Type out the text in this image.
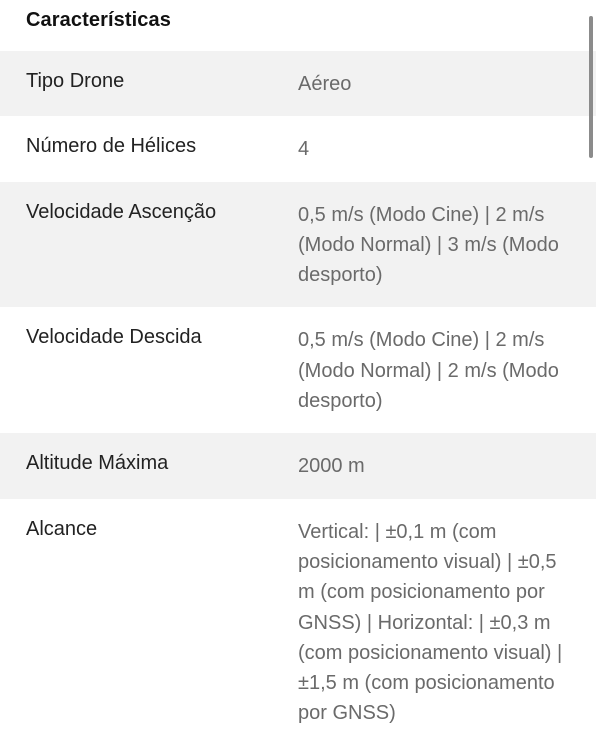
Características
Tipo Drone	Aéreo
Número de Hélices	4
Velocidade Ascenção	0,5 m/s (Modo Cine) | 2 m/s (Modo Normal) | 3 m/s (Modo desporto)
Velocidade Descida	0,5 m/s (Modo Cine) | 2 m/s (Modo Normal) | 2 m/s (Modo desporto)
Altitude Máxima	2000 m
Alcance	Vertical: | ±0,1 m (com posicionamento visual) | ±0,5 m (com posicionamento por GNSS) | Horizontal: | ±0,3 m (com posicionamento visual) | ±1,5 m (com posicionamento por GNSS)
